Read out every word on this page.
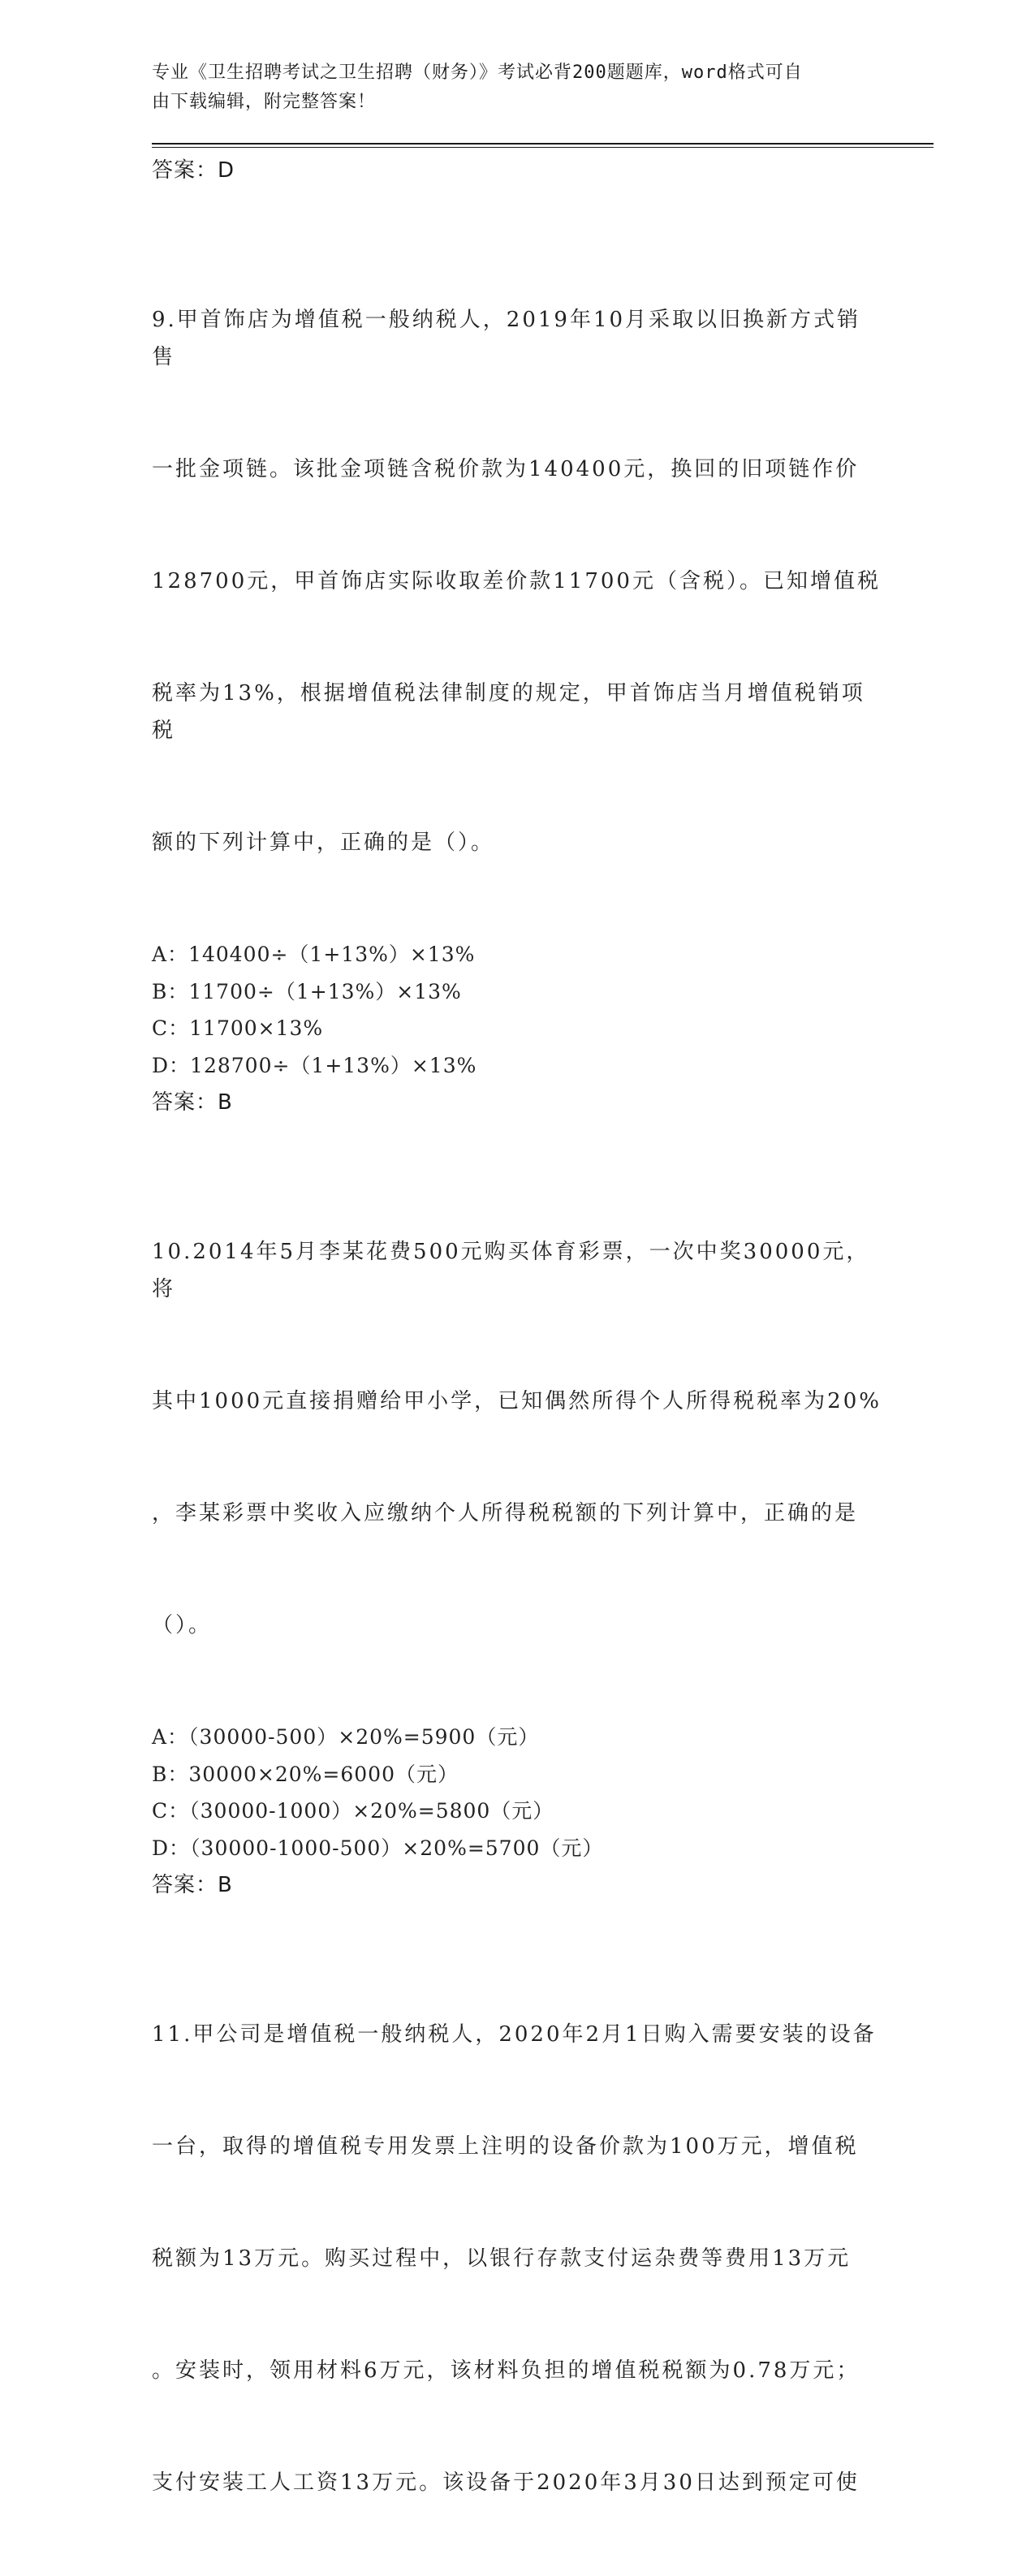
专业《卫生招聘考试之卫生招聘（财务）》考试必背200题题库，word格式可自
由下载编辑，附完整答案！
答案：D

9.甲首饰店为增值税一般纳税人，2019年10月采取以旧换新方式销售

一批金项链。该批金项链含税价款为140400元，换回的旧项链作价

128700元，甲首饰店实际收取差价款11700元（含税）。已知增值税

税率为13%，根据增值税法律制度的规定，甲首饰店当月增值税销项税

额的下列计算中，正确的是（）。

A：140400÷（1+13%）×13%
B：11700÷（1+13%）×13%
C：11700×13%
D：128700÷（1+13%）×13%
答案：B

10.2014年5月李某花费500元购买体育彩票，一次中奖30000元，将

其中1000元直接捐赠给甲小学，已知偶然所得个人所得税税率为20%

，李某彩票中奖收入应缴纳个人所得税税额的下列计算中，正确的是

（）。

A：（30000-500）×20%=5900（元）
B：30000×20%=6000（元）
C：（30000-1000）×20%=5800（元）
D：（30000-1000-500）×20%=5700（元）
答案：B

11.甲公司是增值税一般纳税人，2020年2月1日购入需要安装的设备

一台，取得的增值税专用发票上注明的设备价款为100万元，增值税

税额为13万元。购买过程中，以银行存款支付运杂费等费用13万元

。安装时，领用材料6万元，该材料负担的增值税税额为0.78万元；

支付安装工人工资13万元。该设备于2020年3月30日达到预定可使
